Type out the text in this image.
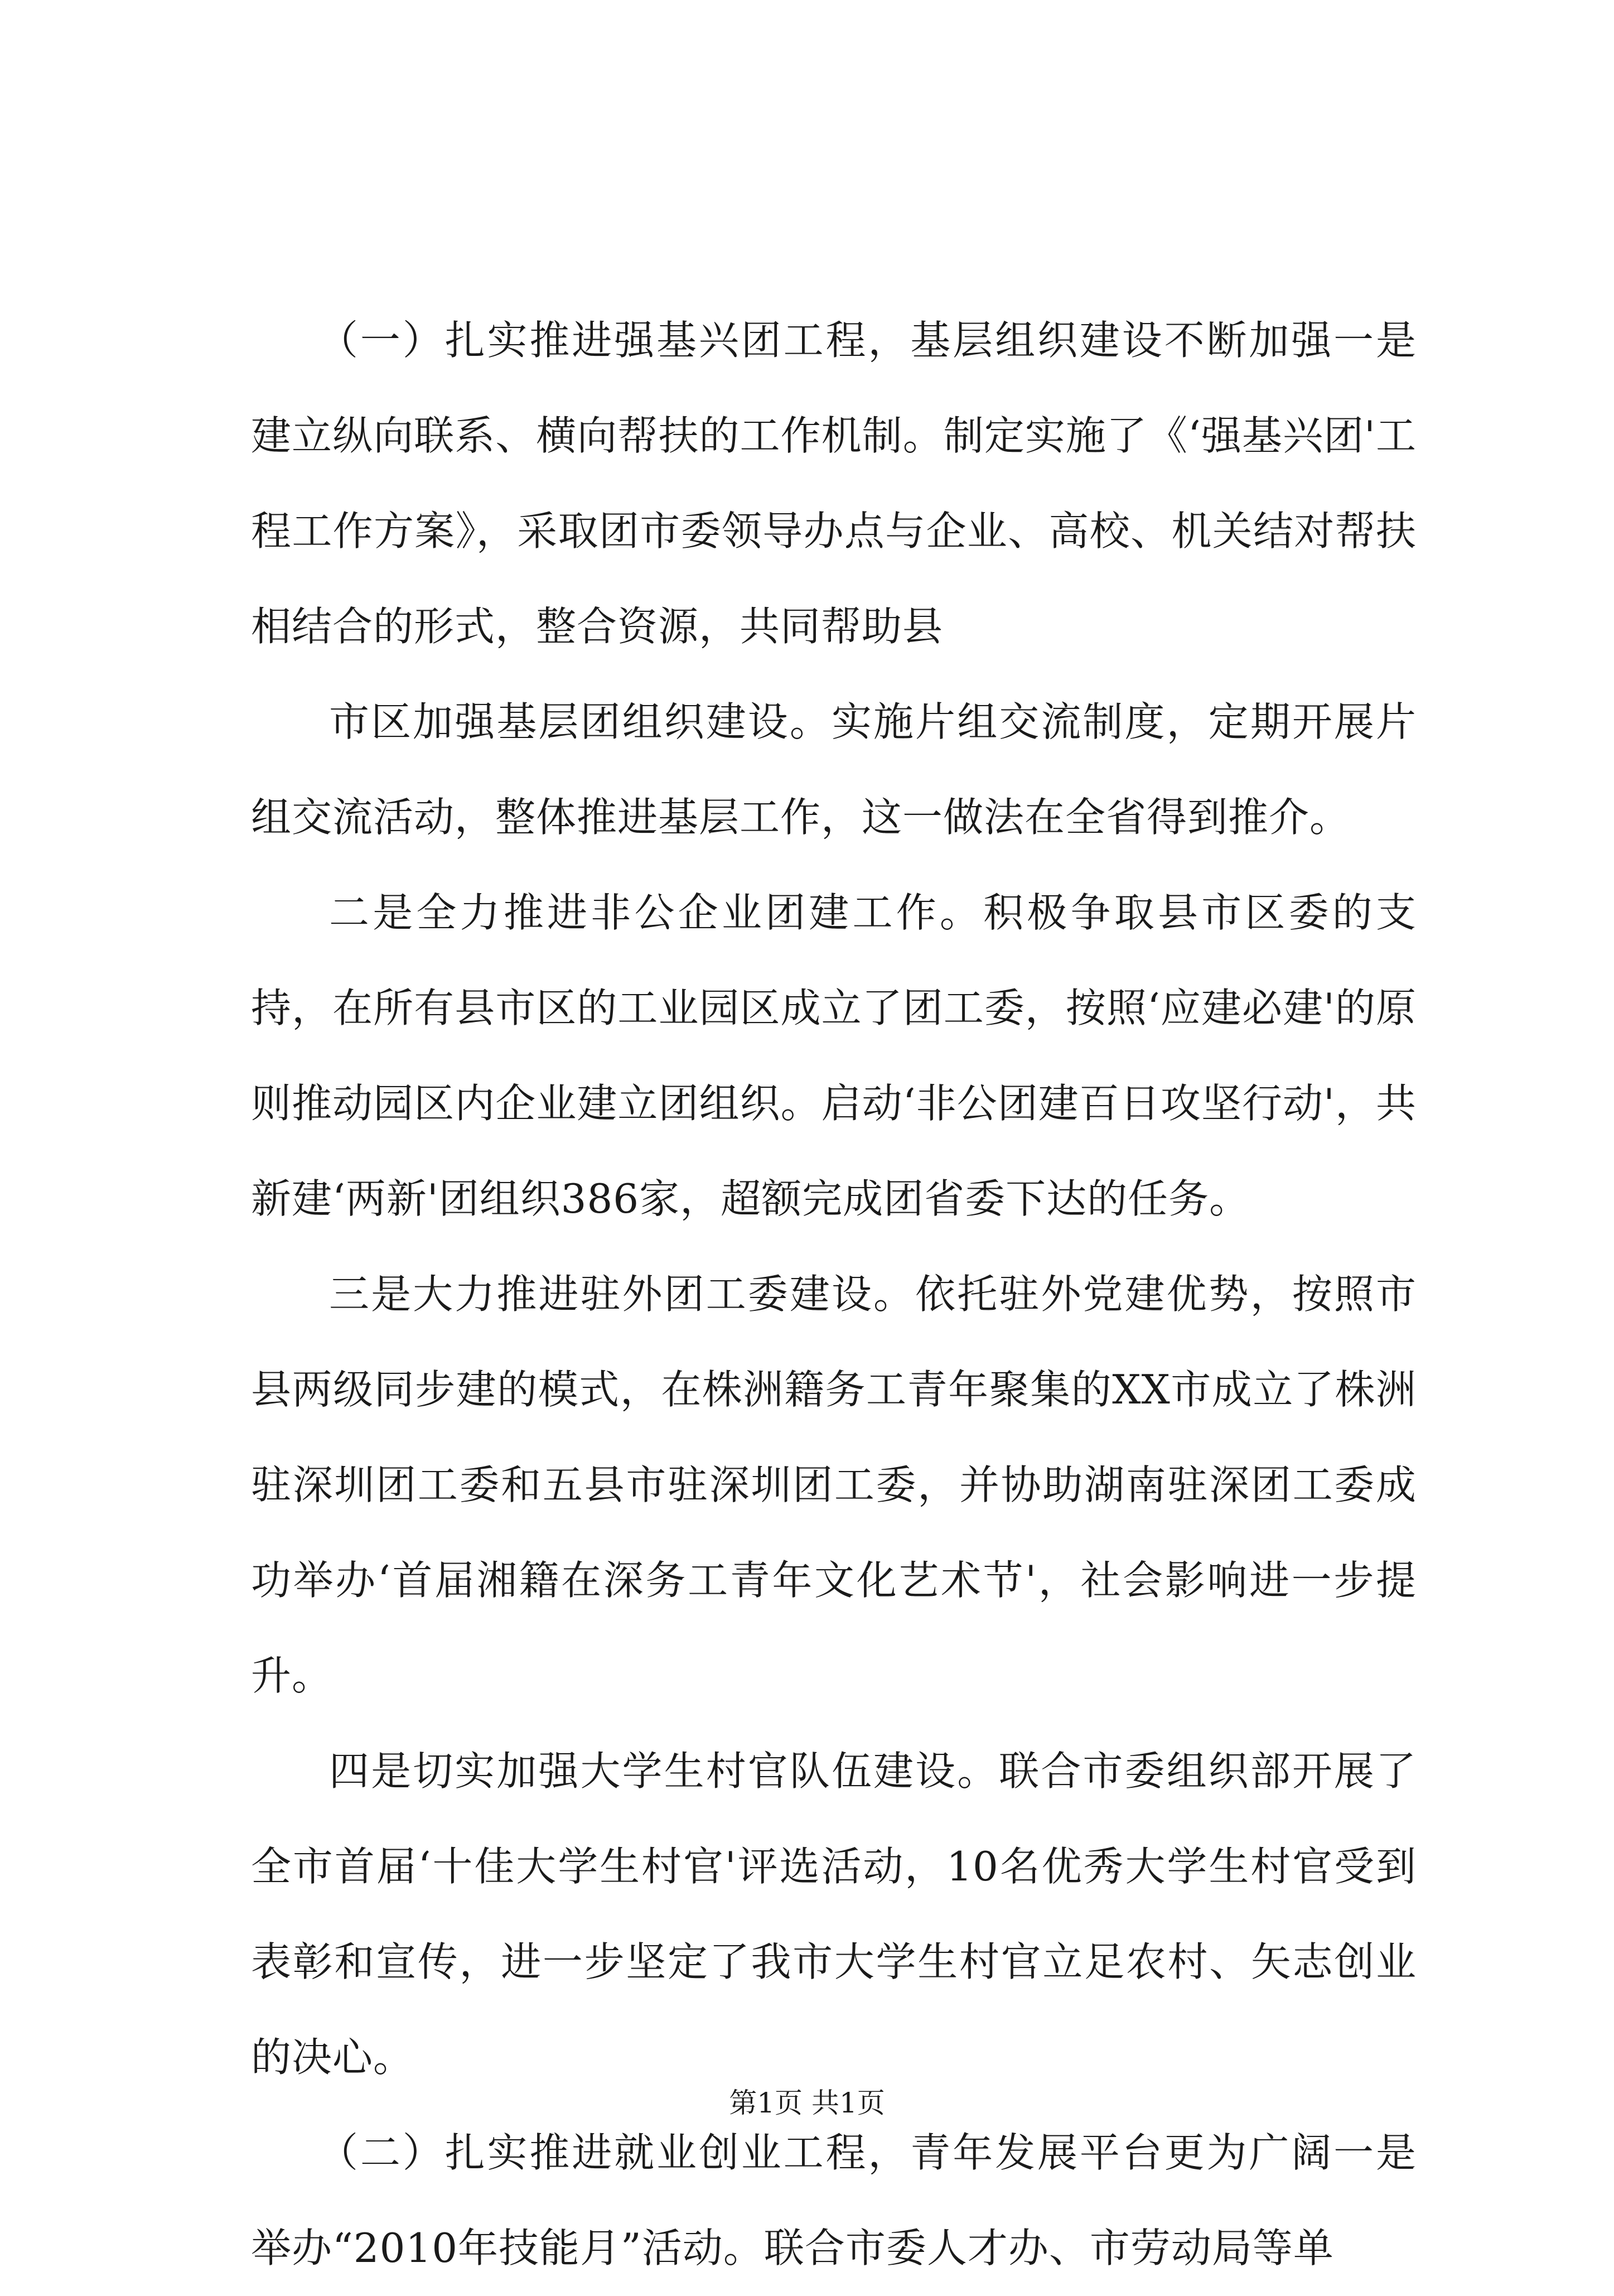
（一）扎实推进强基兴团工程，基层组织建设不断加强一是建立纵向联系、横向帮扶的工作机制。制定实施了《‘强基兴团'工程工作方案》，采取团市委领导办点与企业、高校、机关结对帮扶相结合的形式，整合资源，共同帮助县

市区加强基层团组织建设。实施片组交流制度，定期开展片组交流活动，整体推进基层工作，这一做法在全省得到推介。

二是全力推进非公企业团建工作。积极争取县市区委的支持，在所有县市区的工业园区成立了团工委，按照‘应建必建'的原则推动园区内企业建立团组织。启动‘非公团建百日攻坚行动'，共新建‘两新'团组织386家，超额完成团省委下达的任务。

三是大力推进驻外团工委建设。依托驻外党建优势，按照市县两级同步建的模式，在株洲籍务工青年聚集的XX市成立了株洲驻深圳团工委和五县市驻深圳团工委，并协助湖南驻深团工委成功举办‘首届湘籍在深务工青年文化艺术节'，社会影响进一步提升。

四是切实加强大学生村官队伍建设。联合市委组织部开展了全市首届‘十佳大学生村官'评选活动，10名优秀大学生村官受到表彰和宣传，进一步坚定了我市大学生村官立足农村、矢志创业的决心。

（二）扎实推进就业创业工程，青年发展平台更为广阔一是举办“2010年技能月”活动。联合市委人才办、市劳动局等单

第1页 共1页
